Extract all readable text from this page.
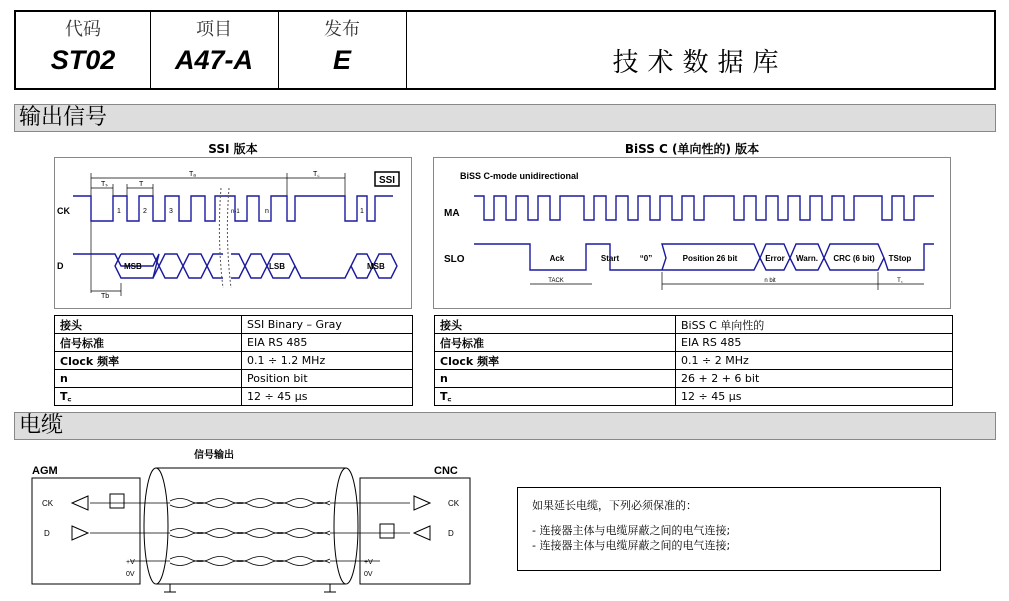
代码
ST02
项目
A47-A
发布
E	技术数据库
输出信号
SSI 版本	BiSS C (单向性的) 版本
SSI
Tₛ	T
Tₐ	T꜀
Tb
CK	1	2	3	n-1	n	1
D	MSB	LSB	MSB
BiSS C-mode unidirectional
MA
SLO	Ack	Start	“0”	Position 26 bit	Error Warn. CRC (6 bit) TStop
TACK	n bit	T꜀
接头	SSI Binary – Gray
信号标准	EIA RS 485
Clock 频率	0.1 ÷ 1.2 MHz
n	Position bit
T꜀	12 ÷ 45 µs
接头	BiSS C 单向性的
信号标准	EIA RS 485
Clock 频率	0.1 ÷ 2 MHz
n	26 + 2 + 6 bit
T꜀	12 ÷ 45 µs
电缆
信号输出
AGM	CNC
CK
D
+V
0V
CK
D
+V
0V
如果延长电缆，下列必须保准的：
- 连接器主体与电缆屏蔽之间的电气连接;
- 连接器主体与电缆屏蔽之间的电气连接;
